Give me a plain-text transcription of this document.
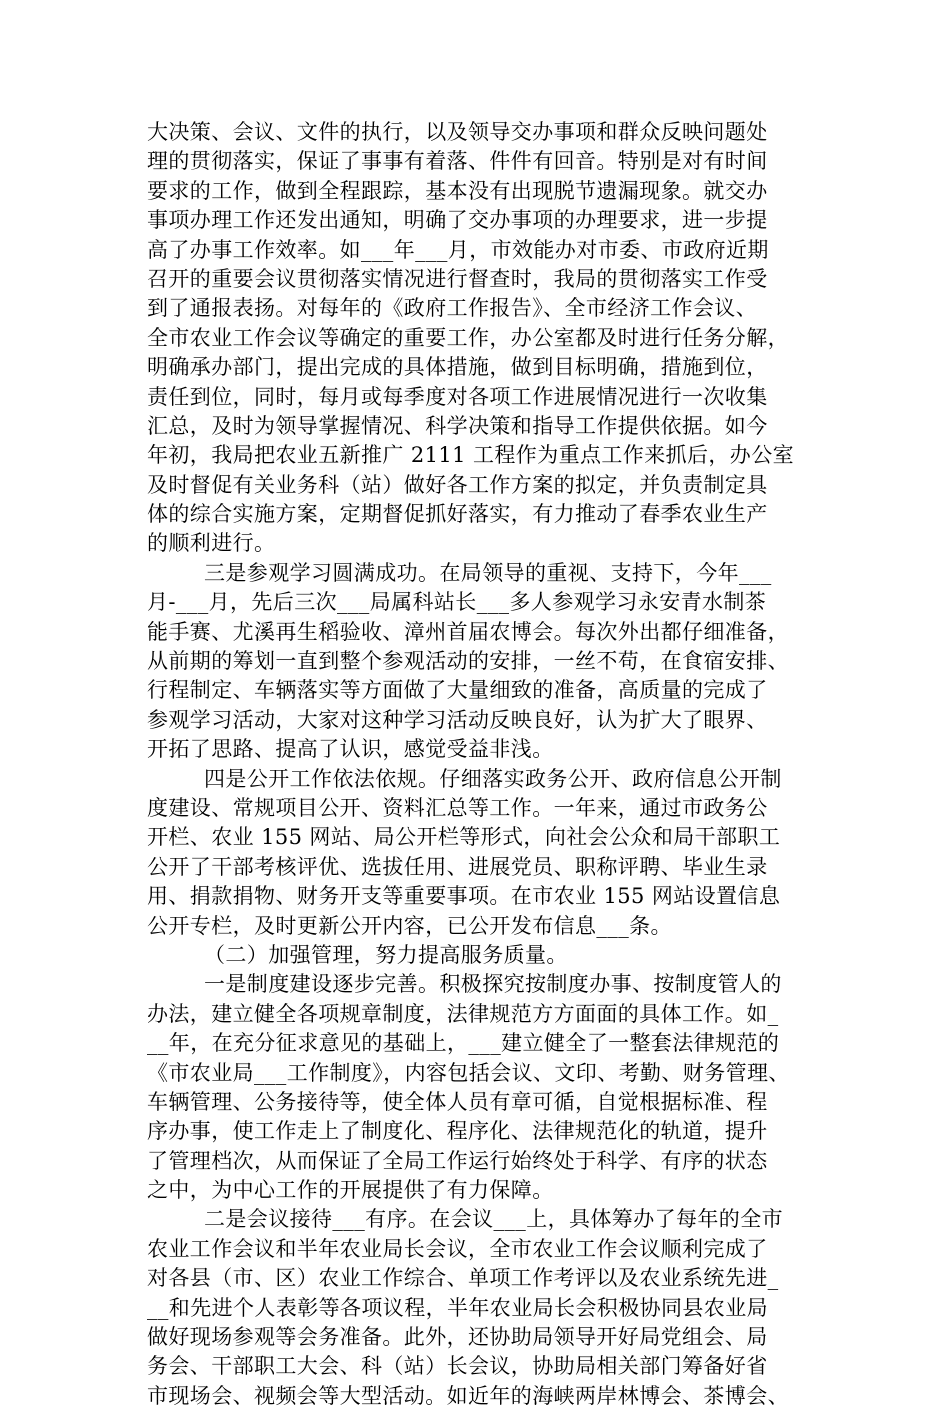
大决策、会议、文件的执行，以及领导交办事项和群众反映问题处
理的贯彻落实，保证了事事有着落、件件有回音。特别是对有时间
要求的工作，做到全程跟踪，基本没有出现脱节遗漏现象。就交办
事项办理工作还发出通知，明确了交办事项的办理要求，进一步提
高了办事工作效率。如___年___月，市效能办对市委、市政府近期
召开的重要会议贯彻落实情况进行督查时，我局的贯彻落实工作受
到了通报表扬。对每年的《政府工作报告》、全市经济工作会议、
全市农业工作会议等确定的重要工作，办公室都及时进行任务分解，
明确承办部门，提出完成的具体措施，做到目标明确，措施到位，
责任到位，同时，每月或每季度对各项工作进展情况进行一次收集
汇总，及时为领导掌握情况、科学决策和指导工作提供依据。如今
年初，我局把农业五新推广 2111 工程作为重点工作来抓后，办公室
及时督促有关业务科（站）做好各工作方案的拟定，并负责制定具
体的综合实施方案，定期督促抓好落实，有力推动了春季农业生产
的顺利进行。
三是参观学习圆满成功。在局领导的重视、支持下，今年___
月-___月，先后三次___局属科站长___多人参观学习永安青水制茶
能手赛、尤溪再生稻验收、漳州首届农博会。每次外出都仔细准备，
从前期的筹划一直到整个参观活动的安排，一丝不苟，在食宿安排、
行程制定、车辆落实等方面做了大量细致的准备，高质量的完成了
参观学习活动，大家对这种学习活动反映良好，认为扩大了眼界、
开拓了思路、提高了认识，感觉受益非浅。
四是公开工作依法依规。仔细落实政务公开、政府信息公开制
度建设、常规项目公开、资料汇总等工作。一年来，通过市政务公
开栏、农业 155 网站、局公开栏等形式，向社会公众和局干部职工
公开了干部考核评优、选拔任用、进展党员、职称评聘、毕业生录
用、捐款捐物、财务开支等重要事项。在市农业 155 网站设置信息
公开专栏，及时更新公开内容，已公开发布信息___条。
（二）加强管理，努力提高服务质量。
一是制度建设逐步完善。积极探究按制度办事、按制度管人的
办法，建立健全各项规章制度，法律规范方方面面的具体工作。如_
__年，在充分征求意见的基础上，___建立健全了一整套法律规范的
《市农业局___工作制度》，内容包括会议、文印、考勤、财务管理、
车辆管理、公务接待等，使全体人员有章可循，自觉根据标准、程
序办事，使工作走上了制度化、程序化、法律规范化的轨道，提升
了管理档次，从而保证了全局工作运行始终处于科学、有序的状态
之中，为中心工作的开展提供了有力保障。
二是会议接待___有序。在会议___上，具体筹办了每年的全市
农业工作会议和半年农业局长会议，全市农业工作会议顺利完成了
对各县（市、区）农业工作综合、单项工作考评以及农业系统先进_
__和先进个人表彰等各项议程，半年农业局长会积极协同县农业局
做好现场参观等会务准备。此外，还协助局领导开好局党组会、局
务会、干部职工大会、科（站）长会议，协助局相关部门筹备好省
市现场会、视频会等大型活动。如近年的海峡两岸林博会、茶博会、
